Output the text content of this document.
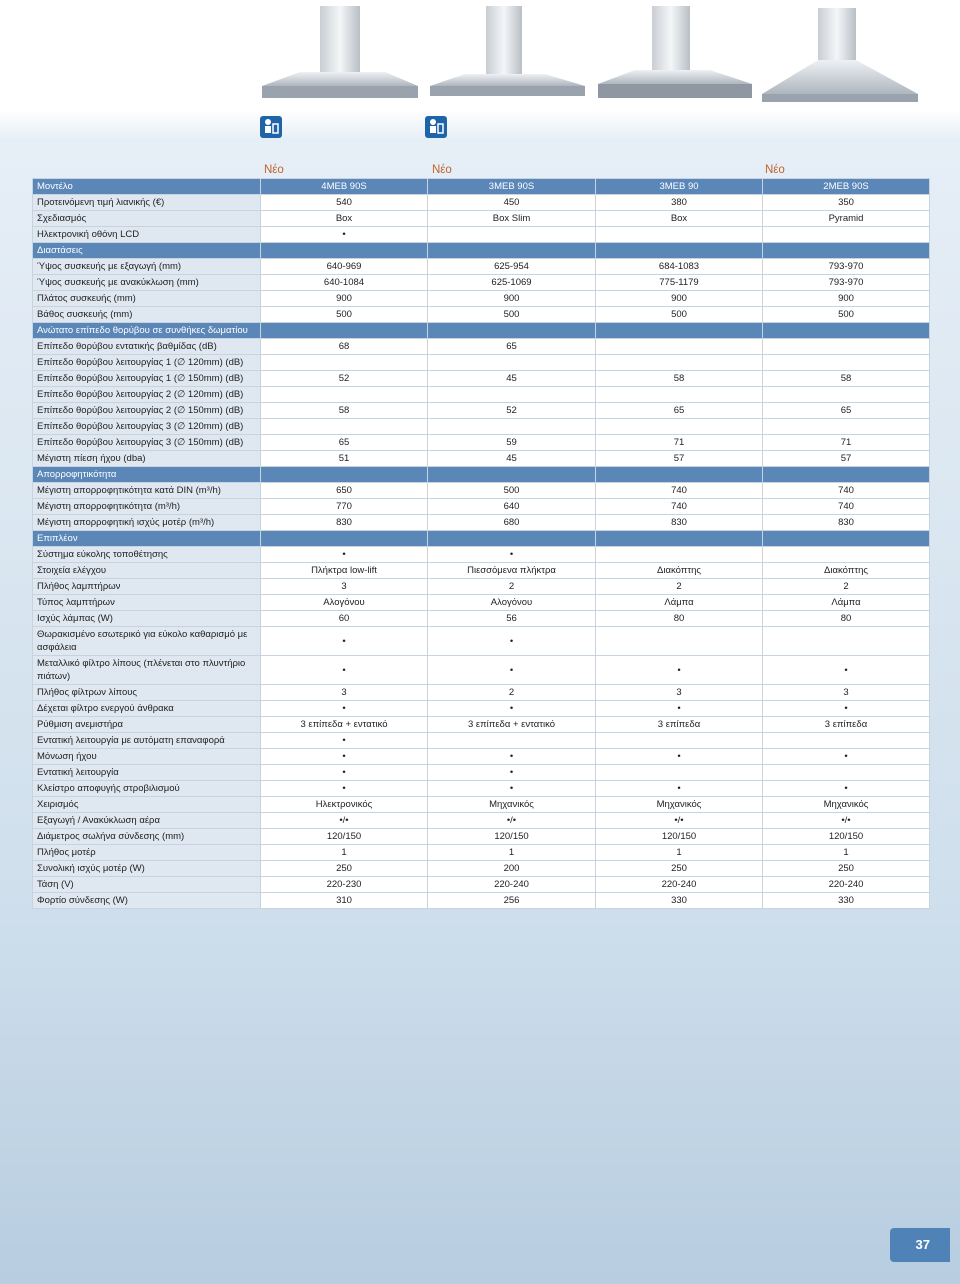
Νέο	Νέο	Νέο
Μοντέλο	4MEB 90S	3MEB 90S	3MEB 90	2MEB 90S
Προτεινόμενη τιμή λιανικής (€)	540	450	380	350
Σχεδιασμός	Box	Box Slim	Box	Pyramid
Ηλεκτρονική οθόνη LCD	•			
Διαστάσεις				
Ύψος συσκευής με εξαγωγή (mm)	640-969	625-954	684-1083	793-970
Ύψος συσκευής με ανακύκλωση (mm)	640-1084	625-1069	775-1179	793-970
Πλάτος συσκευής (mm)	900	900	900	900
Βάθος συσκευής (mm)	500	500	500	500
Ανώτατο επίπεδο θορύβου σε συνθήκες δωματίου				
Επίπεδο θορύβου εντατικής βαθμίδας (dB)	68	65		
Επίπεδο θορύβου λειτουργίας 1 (∅ 120mm) (dB)				
Επίπεδο θορύβου λειτουργίας 1 (∅ 150mm) (dB)	52	45	58	58
Επίπεδο θορύβου λειτουργίας 2 (∅ 120mm) (dB)				
Επίπεδο θορύβου λειτουργίας 2 (∅ 150mm) (dB)	58	52	65	65
Επίπεδο θορύβου λειτουργίας 3 (∅ 120mm) (dB)				
Επίπεδο θορύβου λειτουργίας 3 (∅ 150mm) (dB)	65	59	71	71
Μέγιστη πίεση ήχου (dba)	51	45	57	57
Απορροφητικότητα				
Μέγιστη απορροφητικότητα κατά DIN (m³/h)	650	500	740	740
Μέγιστη απορροφητικότητα (m³/h)	770	640	740	740
Μέγιστη απορροφητική ισχύς μοτέρ (m³/h)	830	680	830	830
Επιπλέον				
Σύστημα εύκολης τοποθέτησης	•	•		
Στοιχεία ελέγχου	Πλήκτρα low-lift	Πιεσσόμενα πλήκτρα	Διακόπτης	Διακόπτης
Πλήθος λαμπτήρων	3	2	2	2
Τύπος λαμπτήρων	Αλογόνου	Αλογόνου	Λάμπα	Λάμπα
Ισχύς λάμπας (W)	60	56	80	80
Θωρακισμένο εσωτερικό για εύκολο καθαρισμό με ασφάλεια	•	•		
Μεταλλικό φίλτρο λίπους (πλένεται στο πλυντήριο πιάτων)	•	•	•	•
Πλήθος φίλτρων λίπους	3	2	3	3
Δέχεται φίλτρο ενεργού άνθρακα	•	•	•	•
Ρύθμιση ανεμιστήρα	3 επίπεδα + εντατικό	3 επίπεδα + εντατικό	3 επίπεδα	3 επίπεδα
Εντατική λειτουργία με αυτόματη επαναφορά	•			
Μόνωση ήχου	•	•	•	•
Εντατική λειτουργία	•	•		
Κλείστρο αποφυγής στροβιλισμού	•	•	•	•
Χειρισμός	Ηλεκτρονικός	Μηχανικός	Μηχανικός	Μηχανικός
Εξαγωγή / Ανακύκλωση αέρα	•/•	•/•	•/•	•/•
Διάμετρος σωλήνα σύνδεσης (mm)	120/150	120/150	120/150	120/150
Πλήθος μοτέρ	1	1	1	1
Συνολική ισχύς μοτέρ (W)	250	200	250	250
Τάση (V)	220-230	220-240	220-240	220-240
Φορτίο σύνδεσης (W)	310	256	330	330
37
